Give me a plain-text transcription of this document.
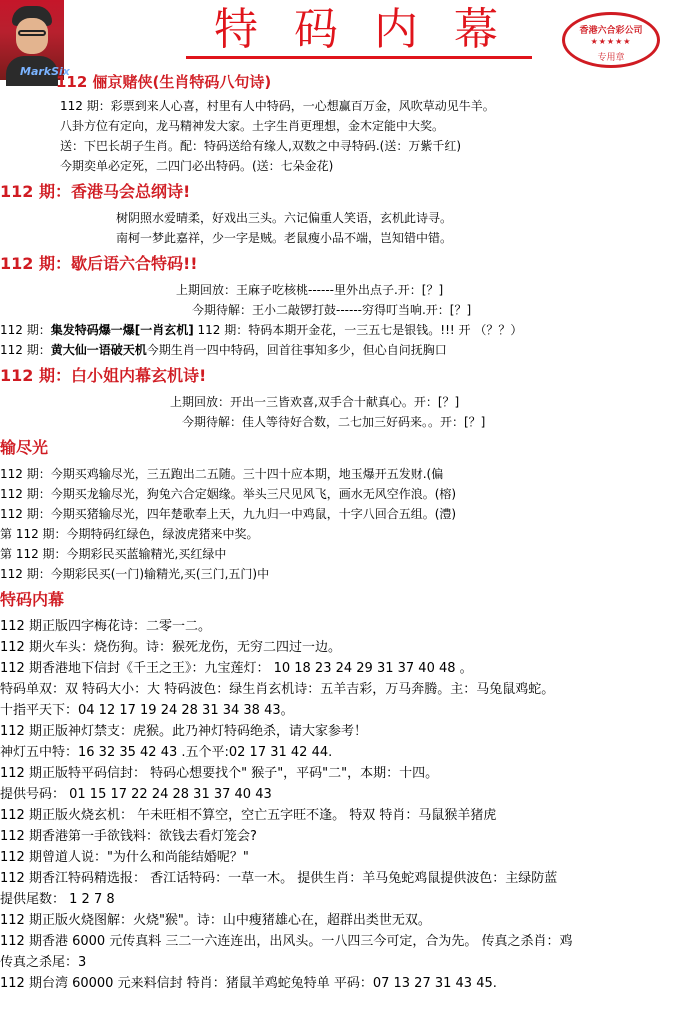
MarkSix
特码内幕	香港六合彩公司
★★★★★
专用章

112 俪京赌侠(生肖特码八句诗)

112 期：彩票到来人心喜，村里有人中特码，一心想赢百万金，风吹草动见牛羊。

八卦方位有定向，龙马精神发大家。土字生肖更理想，金木定能中大奖。

送：下巴长胡子生肖。配：特码送给有缘人,双数之中寻特码.(送：万紫千红)

今期奕单必定死，二四门必出特码。(送：七朵金花)

112 期：香港马会总纲诗!

树阴照水爱晴柔，好戏出三头。六记偏重人笑语，玄机此诗寻。

南柯一梦此嘉祥，少一字是贼。老鼠瘦小品不端，岂知错中错。

112 期：歇后语六合特码!!

上期回放：王麻子吃核桃------里外出点子.开：[？]

今期待解：王小二敲锣打鼓------穷得叮当响.开：[？]

112 期：集发特码爆一爆[一肖玄机] 112 期：特码本期开金花，一三五七是银钱。!!! 开 （？？）

112 期：黄大仙一语破天机今期生肖一四中特码，回首往事知多少，但心自问抚胸口

112 期：白小姐内幕玄机诗!

上期回放：开出一三皆欢喜,双手合十献真心。开：[？]

今期待解：佳人等待好合数，二七加三好码来。。开：[？]

输尽光

112 期：今期买鸡输尽光，三五跑出二五随。三十四十应本期，地玉爆开五发财.(偏

112 期：今期买龙输尽光，狗兔六合定姻缘。举头三尺见风飞，画水无风空作浪。(榕)

112 期：今期买猪输尽光，四年楚歌奉上天，九九归一中鸡鼠，十字八回合五组。(澧)

第 112 期：今期特码红绿色，绿波虎猪来中奖。

第 112 期：今期彩民买蓝输精光,买红绿中

112 期：今期彩民买(一门)输精光,买(三门,五门)中

特码内幕

112 期正版四字梅花诗：二零一二。

112 期火车头：烧伤狗。诗：猴死龙伤，无穷二四过一边。

112 期香港地下信封《千王之王》：九宝莲灯： 10 18 23 24 29 31 37 40 48 。

特码单双：双 特码大小：大 特码波色：绿生肖玄机诗：五羊吉彩，万马奔腾。主：马兔鼠鸡蛇。

十指平天下：04 12 17 19 24 28 31 34 38 43。

112 期正版神灯禁支：虎猴。此乃神灯特码绝杀，请大家参考！

神灯五中特：16 32 35 42 43 .五个平:02 17 31 42 44.

112 期正版特平码信封： 特码心想要找个" 猴子"，平码"二"，本期：十四。

提供号码： 01 15 17 22 24 28 31 37 40 43

112 期正版火烧玄机： 午未旺相不算空，空亡五字旺不逢。 特双 特肖：马鼠猴羊猪虎

112 期香港第一手欲钱料：欲钱去看灯笼会?

112 期曾道人说："为什么和尚能结婚呢？"

112 期香江特码精选报： 香江话特码：一草一木。 提供生肖：羊马兔蛇鸡鼠提供波色：主绿防蓝

提供尾数： 1 2 7 8

112 期正版火烧图解：火烧"猴"。诗：山中瘦猪雄心在，超群出类世无双。

112 期香港 6000 元传真料 三二一六连连出，出风头。一八四三今可定，合为先。 传真之杀肖：鸡

传真之杀尾：3

112 期台湾 60000 元来料信封 特肖：猪鼠羊鸡蛇兔特单 平码：07 13 27 31 43 45.
